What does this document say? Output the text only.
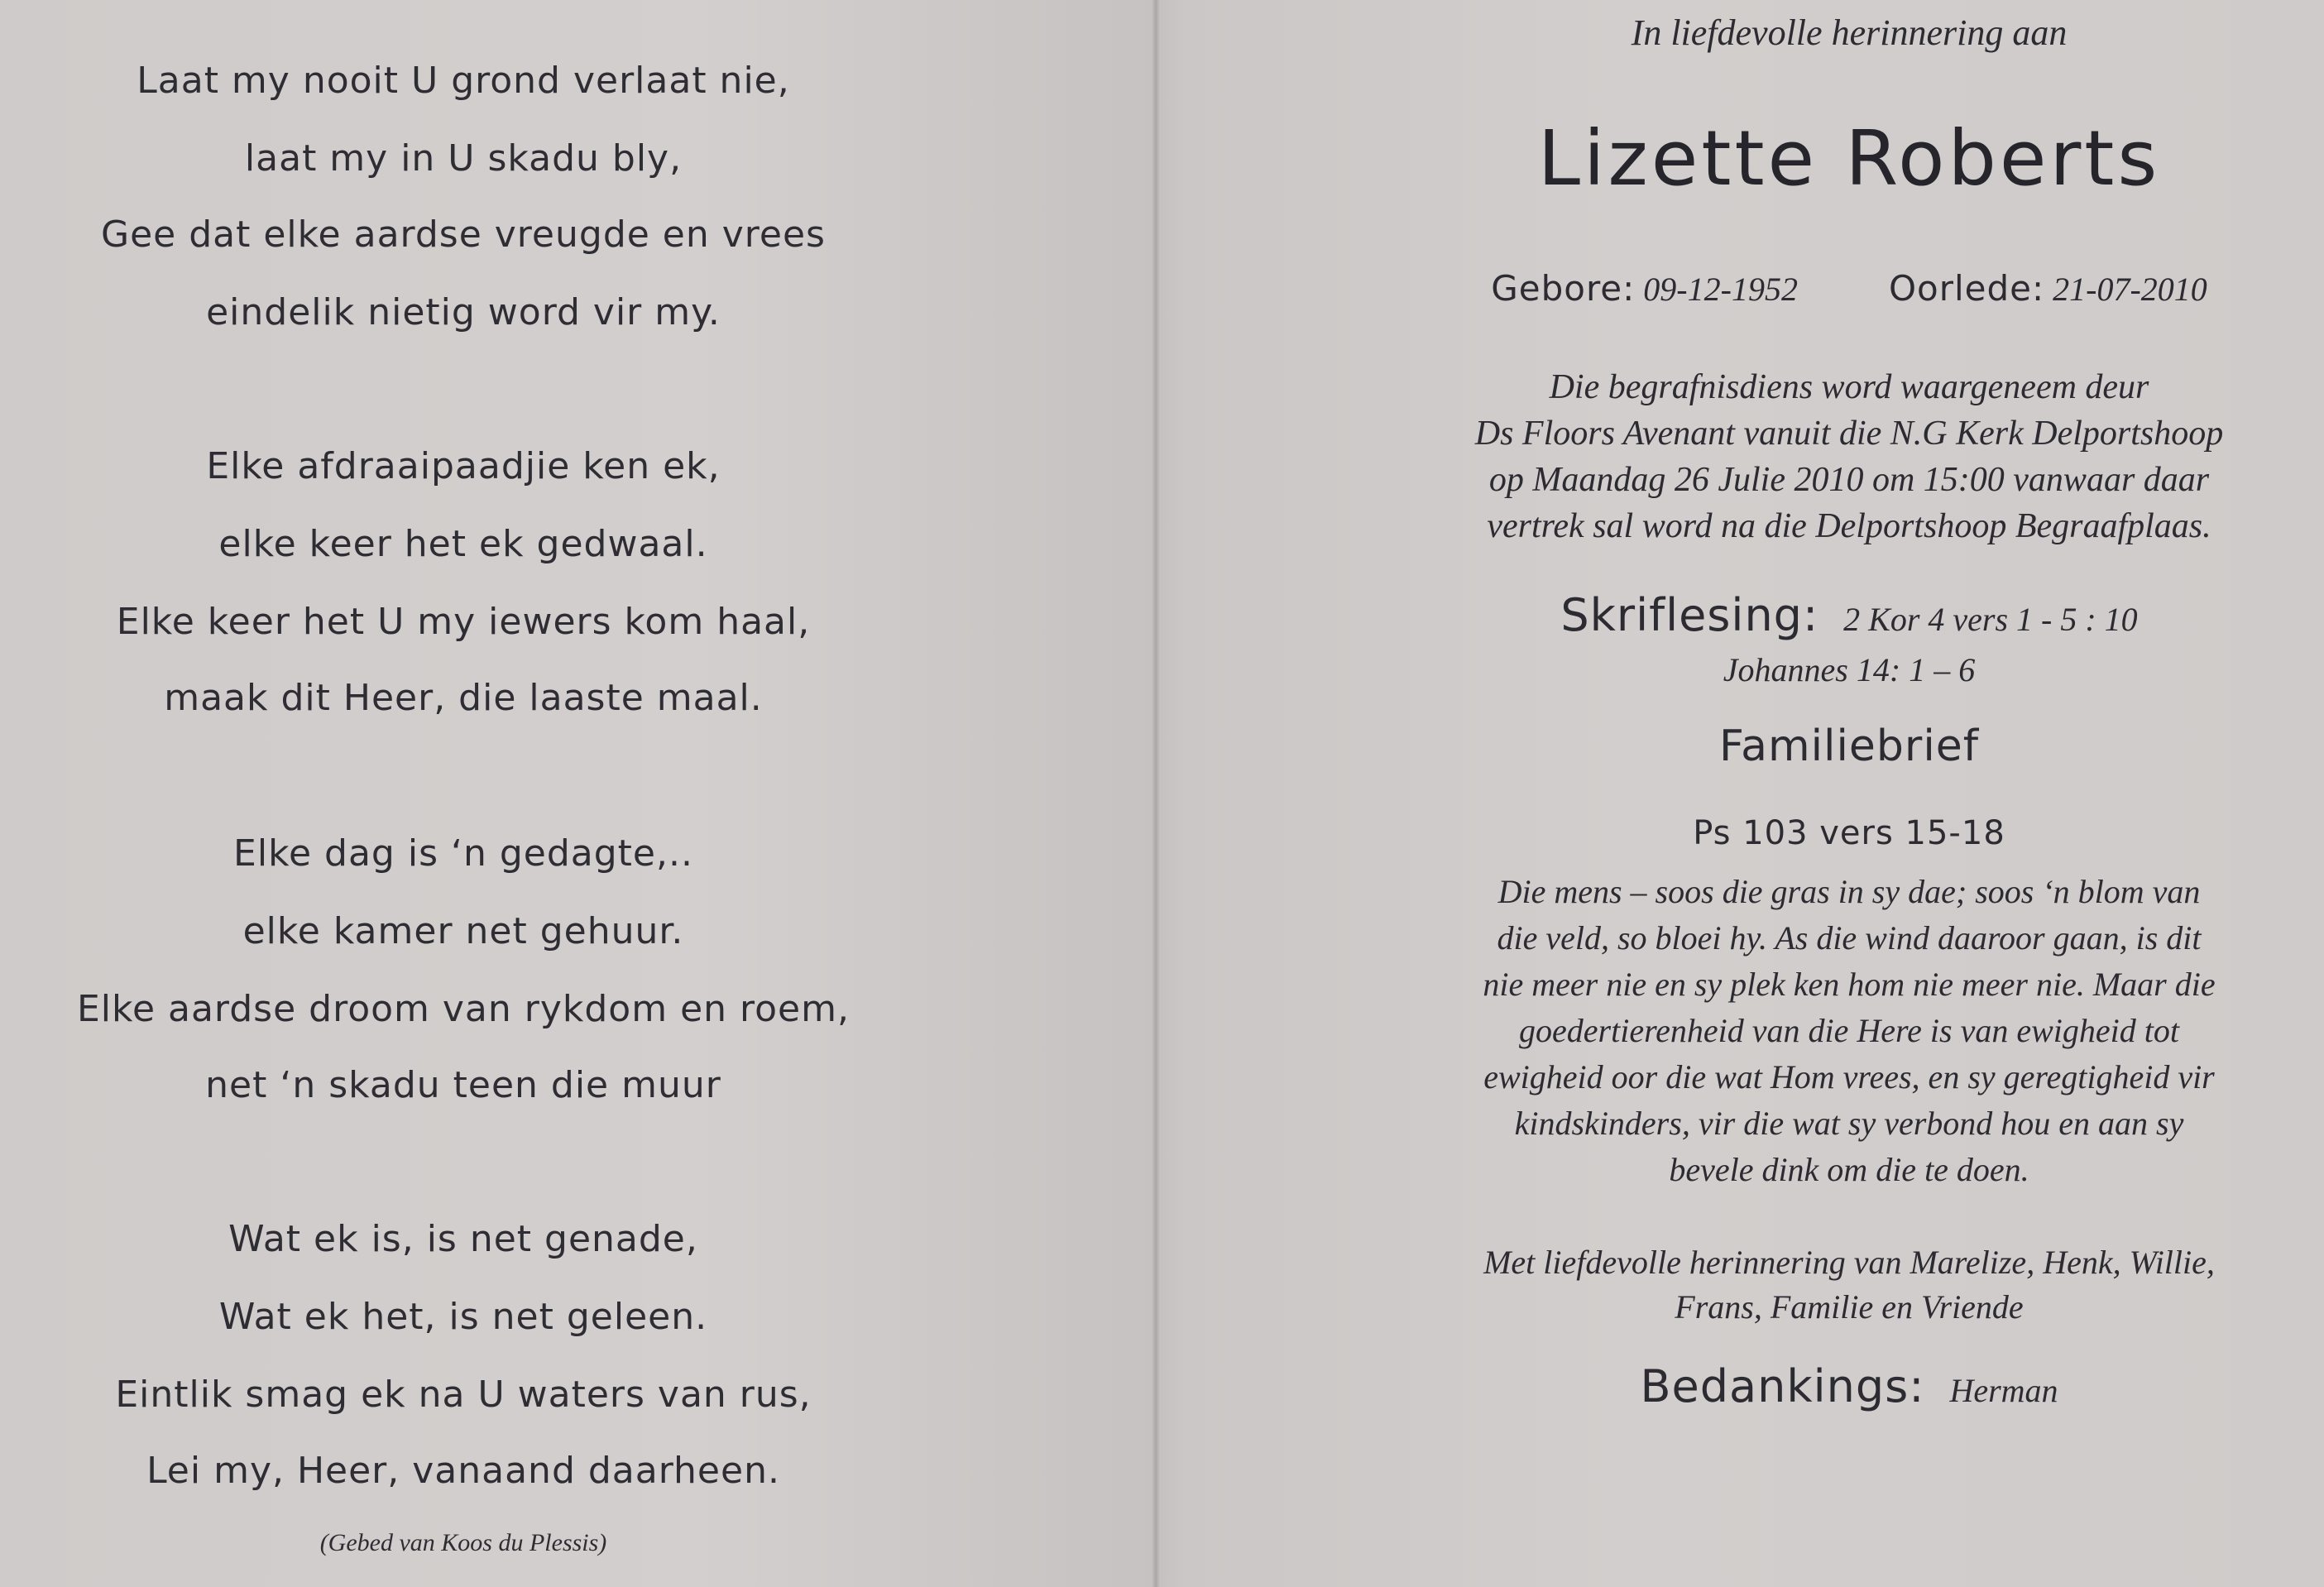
Laat my nooit U grond verlaat nie,
laat my in U skadu bly,
Gee dat elke aardse vreugde en vrees
eindelik nietig word vir my.
Elke afdraaipaadjie ken ek,
elke keer het ek gedwaal.
Elke keer het U my iewers kom haal,
maak dit Heer, die laaste maal.
Elke dag is ‘n gedagte,..
elke kamer net gehuur.
Elke aardse droom van rykdom en roem,
net ‘n skadu teen die muur
Wat ek is, is net genade,
Wat ek het, is net geleen.
Eintlik smag ek na U waters van rus,
Lei my, Heer, vanaand daarheen.
(Gebed van Koos du Plessis)
In liefdevolle herinnering aan
Lizette Roberts
Gebore: 09-12-1952	Oorlede: 21-07-2010
Die begrafnisdiens word waargeneem deur
Ds Floors Avenant vanuit die N.G Kerk Delportshoop
op Maandag 26 Julie 2010 om 15:00 vanwaar daar
vertrek sal word na die Delportshoop Begraafplaas.
Skriflesing: 2 Kor 4 vers 1 - 5 : 10
Johannes 14: 1 – 6
Familiebrief
Ps 103 vers 15-18
Die mens – soos die gras in sy dae; soos ‘n blom van
die veld, so bloei hy. As die wind daaroor gaan, is dit
nie meer nie en sy plek ken hom nie meer nie. Maar die
goedertierenheid van die Here is van ewigheid tot
ewigheid oor die wat Hom vrees, en sy geregtigheid vir
kindskinders, vir die wat sy verbond hou en aan sy
bevele dink om die te doen.
Met liefdevolle herinnering van Marelize, Henk, Willie,
Frans, Familie en Vriende
Bedankings: Herman
